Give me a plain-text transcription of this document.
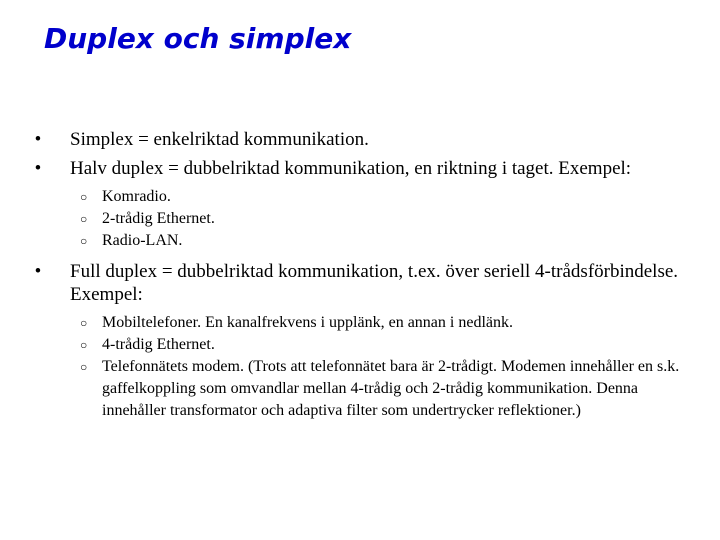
Duplex och simplex
•	Simplex = enkelriktad kommunikation.
•	Halv duplex = dubbelriktad kommunikation, en riktning i taget. Exempel:
○ Komradio.
○ 2-trådig Ethernet.
○ Radio-LAN.
•	Full duplex = dubbelriktad kommunikation, t.ex. över seriell 4-trådsförbindelse. Exempel:
○ Mobiltelefoner. En kanalfrekvens i upplänk, en annan i nedlänk.
○ 4-trådig Ethernet.
○ Telefonnätets modem. (Trots att telefonnätet bara är 2-trådigt. Modemen innehåller en s.k. gaffelkoppling som omvandlar mellan 4-trådig och 2-trådig kommunikation. Denna innehåller transformator och adaptiva filter som undertrycker reflektioner.)
